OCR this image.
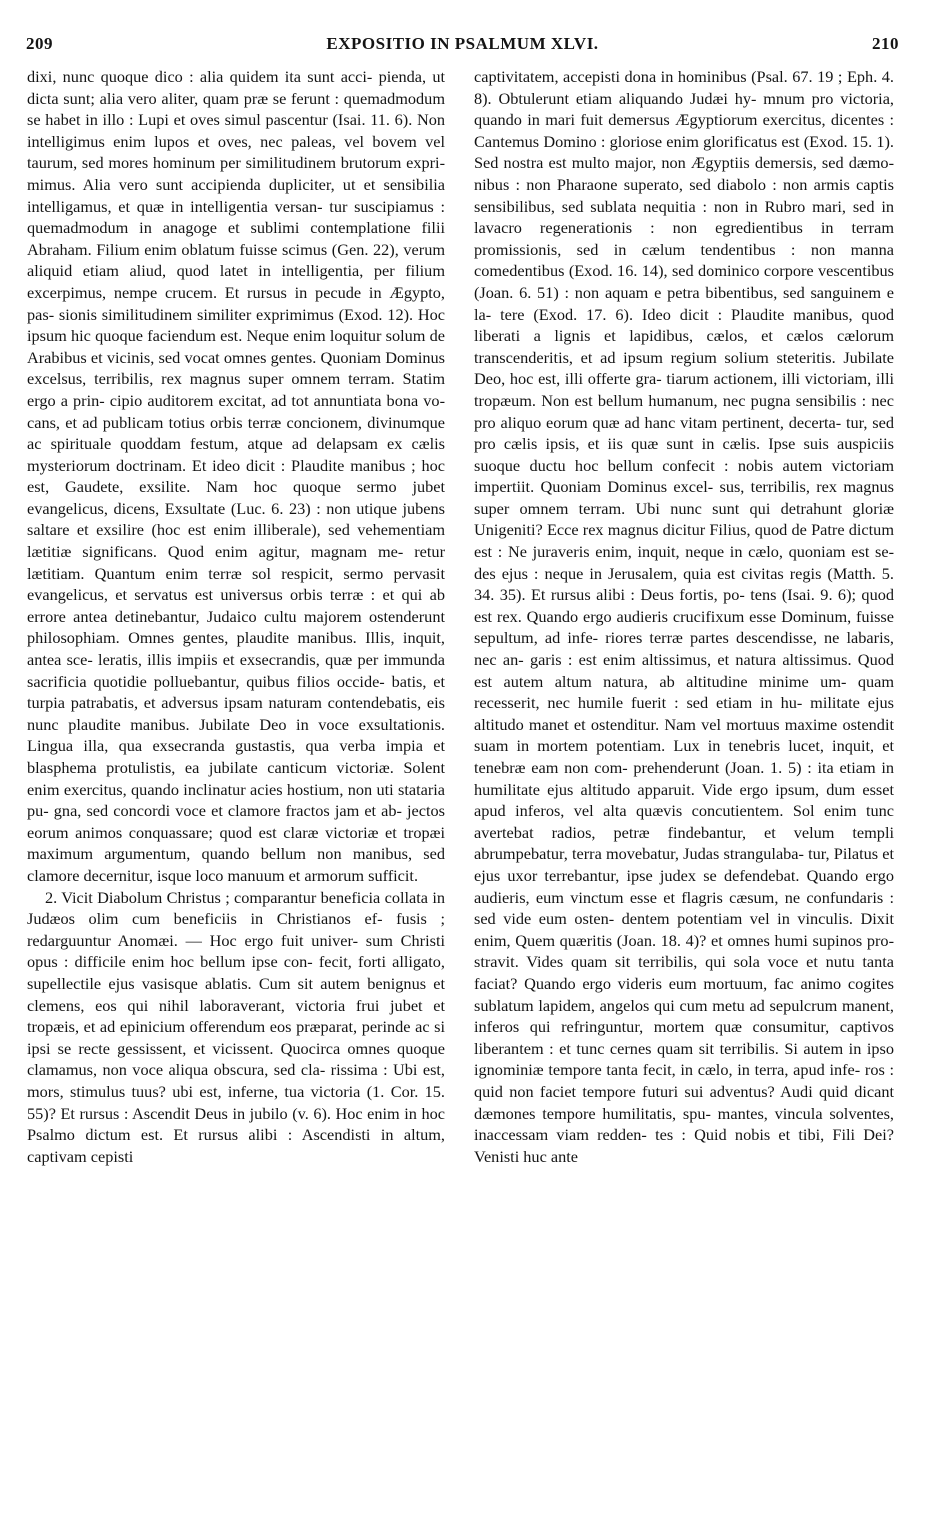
209	EXPOSITIO IN PSALMUM XLVI.	210

dixi, nunc quoque dico : alia quidem ita sunt acci- pienda, ut dicta sunt; alia vero aliter, quam præ se ferunt : quemadmodum se habet in illo : Lupi et oves simul pascentur (Isai. 11. 6). Non intelligimus enim lupos et oves, nec paleas, vel bovem vel taurum, sed mores hominum per similitudinem brutorum expri- mimus. Alia vero sunt accipienda dupliciter, ut et sensibilia intelligamus, et quæ in intelligentia versan- tur suscipiamus : quemadmodum in anagoge et sublimi contemplatione filii Abraham. Filium enim oblatum fuisse scimus (Gen. 22), verum aliquid etiam aliud, quod latet in intelligentia, per filium excerpimus, nempe crucem. Et rursus in pecude in Ægypto, pas- sionis similitudinem similiter exprimimus (Exod. 12). Hoc ipsum hic quoque faciendum est. Neque enim loquitur solum de Arabibus et vicinis, sed vocat omnes gentes. Quoniam Dominus excelsus, terribilis, rex magnus super omnem terram. Statim ergo a prin- cipio auditorem excitat, ad tot annuntiata bona vo- cans, et ad publicam totius orbis terræ concionem, divinumque ac spirituale quoddam festum, atque ad delapsam ex cælis mysteriorum doctrinam. Et ideo dicit : Plaudite manibus ; hoc est, Gaudete, exsilite. Nam hoc quoque sermo jubet evangelicus, dicens, Exsultate (Luc. 6. 23) : non utique jubens saltare et exsilire (hoc est enim illiberale), sed vehementiam lætitiæ significans. Quod enim agitur, magnam me- retur lætitiam. Quantum enim terræ sol respicit, sermo pervasit evangelicus, et servatus est universus orbis terræ : et qui ab errore antea detinebantur, Judaico cultu majorem ostenderunt philosophiam. Omnes gentes, plaudite manibus. Illis, inquit, antea sce- leratis, illis impiis et exsecrandis, quæ per immunda sacrificia quotidie polluebantur, quibus filios occide- batis, et turpia patrabatis, et adversus ipsam naturam contendebatis, eis nunc plaudite manibus. Jubilate Deo in voce exsultationis. Lingua illa, qua exsecranda gustastis, qua verba impia et blasphema protulistis, ea jubilate canticum victoriæ. Solent enim exercitus, quando inclinatur acies hostium, non uti stataria pu- gna, sed concordi voce et clamore fractos jam et ab- jectos eorum animos conquassare; quod est claræ victoriæ et tropæi maximum argumentum, quando bellum non manibus, sed clamore decernitur, isque loco manuum et armorum sufficit.

2. Vicit Diabolum Christus ; comparantur beneficia collata in Judæos olim cum beneficiis in Christianos ef- fusis ; redarguuntur Anomæi. — Hoc ergo fuit univer- sum Christi opus : difficile enim hoc bellum ipse con- fecit, forti alligato, supellectile ejus vasisque ablatis. Cum sit autem benignus et clemens, eos qui nihil laboraverant, victoria frui jubet et tropæis, et ad epinicium offerendum eos præparat, perinde ac si ipsi se recte gessissent, et vicissent. Quocirca omnes quoque clamamus, non voce aliqua obscura, sed cla- rissima : Ubi est, mors, stimulus tuus? ubi est, inferne, tua victoria (1. Cor. 15. 55)? Et rursus : Ascendit Deus in jubilo (v. 6). Hoc enim in hoc Psalmo dictum est. Et rursus alibi : Ascendisti in altum, captivam cepisti

captivitatem, accepisti dona in hominibus (Psal. 67. 19 ; Eph. 4. 8). Obtulerunt etiam aliquando Judæi hy- mnum pro victoria, quando in mari fuit demersus Ægyptiorum exercitus, dicentes : Cantemus Domino : gloriose enim glorificatus est (Exod. 15. 1). Sed nostra est multo major, non Ægyptiis demersis, sed dæmo- nibus : non Pharaone superato, sed diabolo : non armis captis sensibilibus, sed sublata nequitia : non in Rubro mari, sed in lavacro regenerationis : non egredientibus in terram promissionis, sed in cælum tendentibus : non manna comedentibus (Exod. 16. 14), sed dominico corpore vescentibus (Joan. 6. 51) : non aquam e petra bibentibus, sed sanguinem e la- tere (Exod. 17. 6). Ideo dicit : Plaudite manibus, quod liberati a lignis et lapidibus, cælos, et cælos cælorum transcenderitis, et ad ipsum regium solium steteritis. Jubilate Deo, hoc est, illi offerte gra- tiarum actionem, illi victoriam, illi tropæum. Non est bellum humanum, nec pugna sensibilis : nec pro aliquo eorum quæ ad hanc vitam pertinent, decerta- tur, sed pro cælis ipsis, et iis quæ sunt in cælis. Ipse suis auspiciis suoque ductu hoc bellum confecit : nobis autem victoriam impertiit. Quoniam Dominus excel- sus, terribilis, rex magnus super omnem terram. Ubi nunc sunt qui detrahunt gloriæ Unigeniti? Ecce rex magnus dicitur Filius, quod de Patre dictum est : Ne juraveris enim, inquit, neque in cælo, quoniam est se- des ejus : neque in Jerusalem, quia est civitas regis (Matth. 5. 34. 35). Et rursus alibi : Deus fortis, po- tens (Isai. 9. 6); quod est rex. Quando ergo audieris crucifixum esse Dominum, fuisse sepultum, ad infe- riores terræ partes descendisse, ne labaris, nec an- garis : est enim altissimus, et natura altissimus. Quod est autem altum natura, ab altitudine minime um- quam recesserit, nec humile fuerit : sed etiam in hu- militate ejus altitudo manet et ostenditur. Nam vel mortuus maxime ostendit suam in mortem potentiam. Lux in tenebris lucet, inquit, et tenebræ eam non com- prehenderunt (Joan. 1. 5) : ita etiam in humilitate ejus altitudo apparuit. Vide ergo ipsum, dum esset apud inferos, vel alta quævis concutientem. Sol enim tunc avertebat radios, petræ findebantur, et velum templi abrumpebatur, terra movebatur, Judas strangulaba- tur, Pilatus et ejus uxor terrebantur, ipse judex se defendebat. Quando ergo audieris, eum vinctum esse et flagris cæsum, ne confundaris : sed vide eum osten- dentem potentiam vel in vinculis. Dixit enim, Quem quæritis (Joan. 18. 4)? et omnes humi supinos pro- stravit. Vides quam sit terribilis, qui sola voce et nutu tanta faciat? Quando ergo videris eum mortuum, fac animo cogites sublatum lapidem, angelos qui cum metu ad sepulcrum manent, inferos qui refringuntur, mortem quæ consumitur, captivos liberantem : et tunc cernes quam sit terribilis. Si autem in ipso ignominiæ tempore tanta fecit, in cælo, in terra, apud infe- ros : quid non faciet tempore futuri sui adventus? Audi quid dicant dæmones tempore humilitatis, spu- mantes, vincula solventes, inaccessam viam redden- tes : Quid nobis et tibi, Fili Dei? Venisti huc ante
